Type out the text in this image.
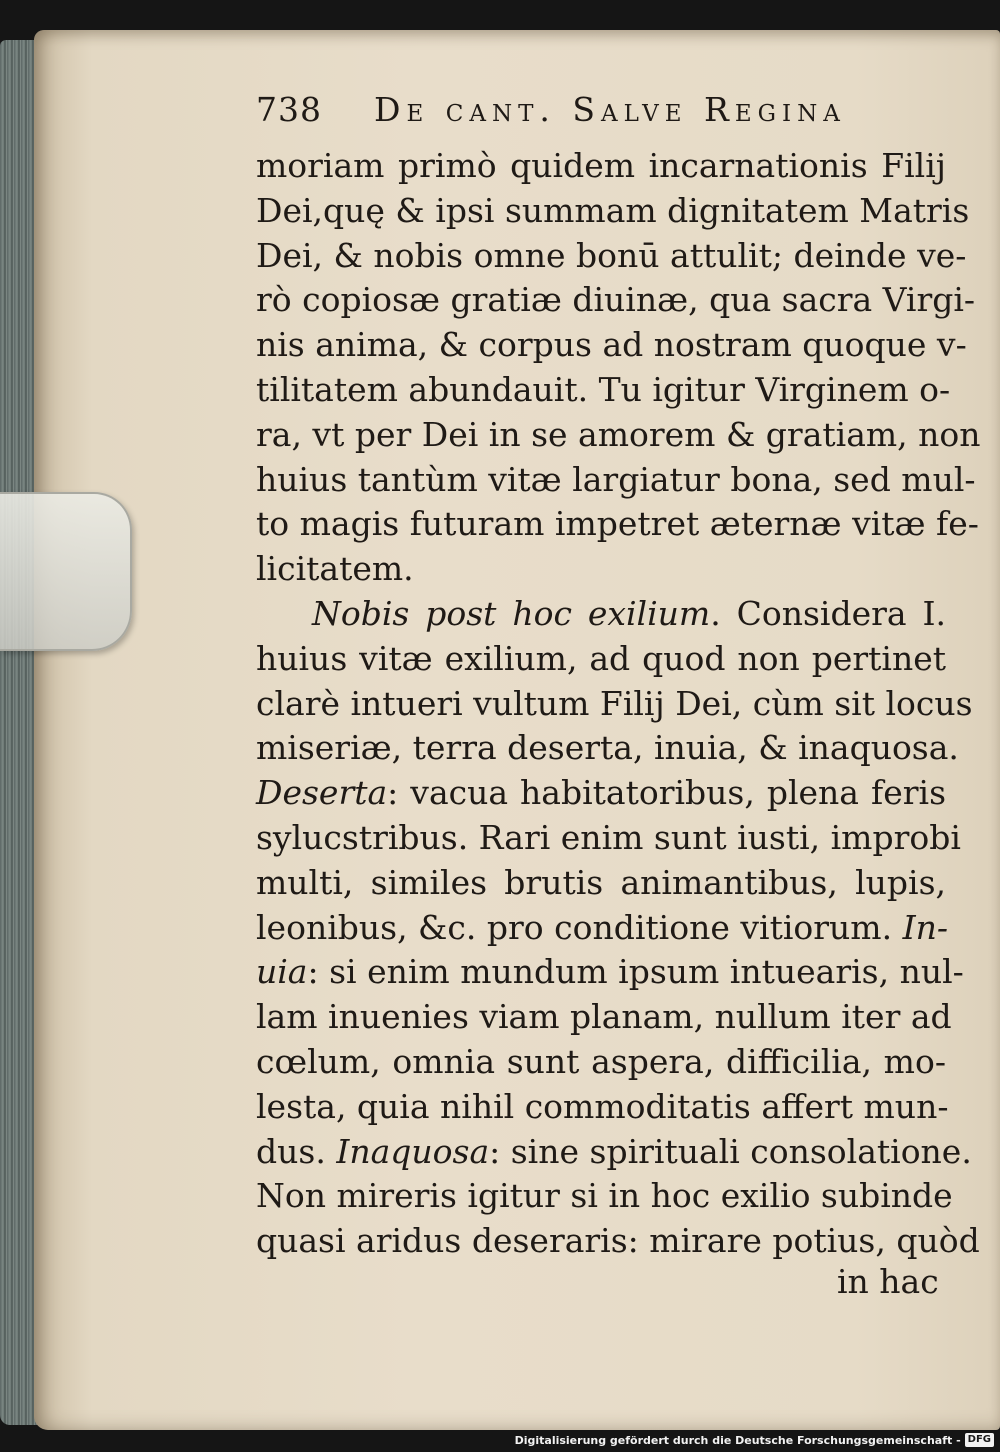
738 De cant. Salve Regina
moriam primò quidem incarnationis Filij
Dei,quę & ipsi summam dignitatem Matris
Dei, & nobis omne bonū attulit; deinde ve-
rò copiosæ gratiæ diuinæ, qua sacra Virgi-
nis anima, & corpus ad nostram quoque v-
tilitatem abundauit. Tu igitur Virginem o-
ra, vt per Dei in se amorem & gratiam, non
huius tantùm vitæ largiatur bona, sed mul-
to magis futuram impetret æternæ vitæ fe-
licitatem.
Nobis post hoc exilium. Considera I.
huius vitæ exilium, ad quod non pertinet
clarè intueri vultum Filij Dei, cùm sit locus
miseriæ, terra deserta, inuia, & inaquosa.
Deserta: vacua habitatoribus, plena feris
sylucstribus. Rari enim sunt iusti, improbi
multi, similes brutis animantibus, lupis,
leonibus, &c. pro conditione vitiorum. In-
uia: si enim mundum ipsum intuearis, nul-
lam inuenies viam planam, nullum iter ad
cœlum, omnia sunt aspera, difficilia, mo-
lesta, quia nihil commoditatis affert mun-
dus. Inaquosa: sine spirituali consolatione.
Non mireris igitur si in hoc exilio subinde
quasi aridus deseraris: mirare potius, quòd
in hac
Digitalisierung gefördert durch die Deutsche Forschungsgemeinschaft - DFG
